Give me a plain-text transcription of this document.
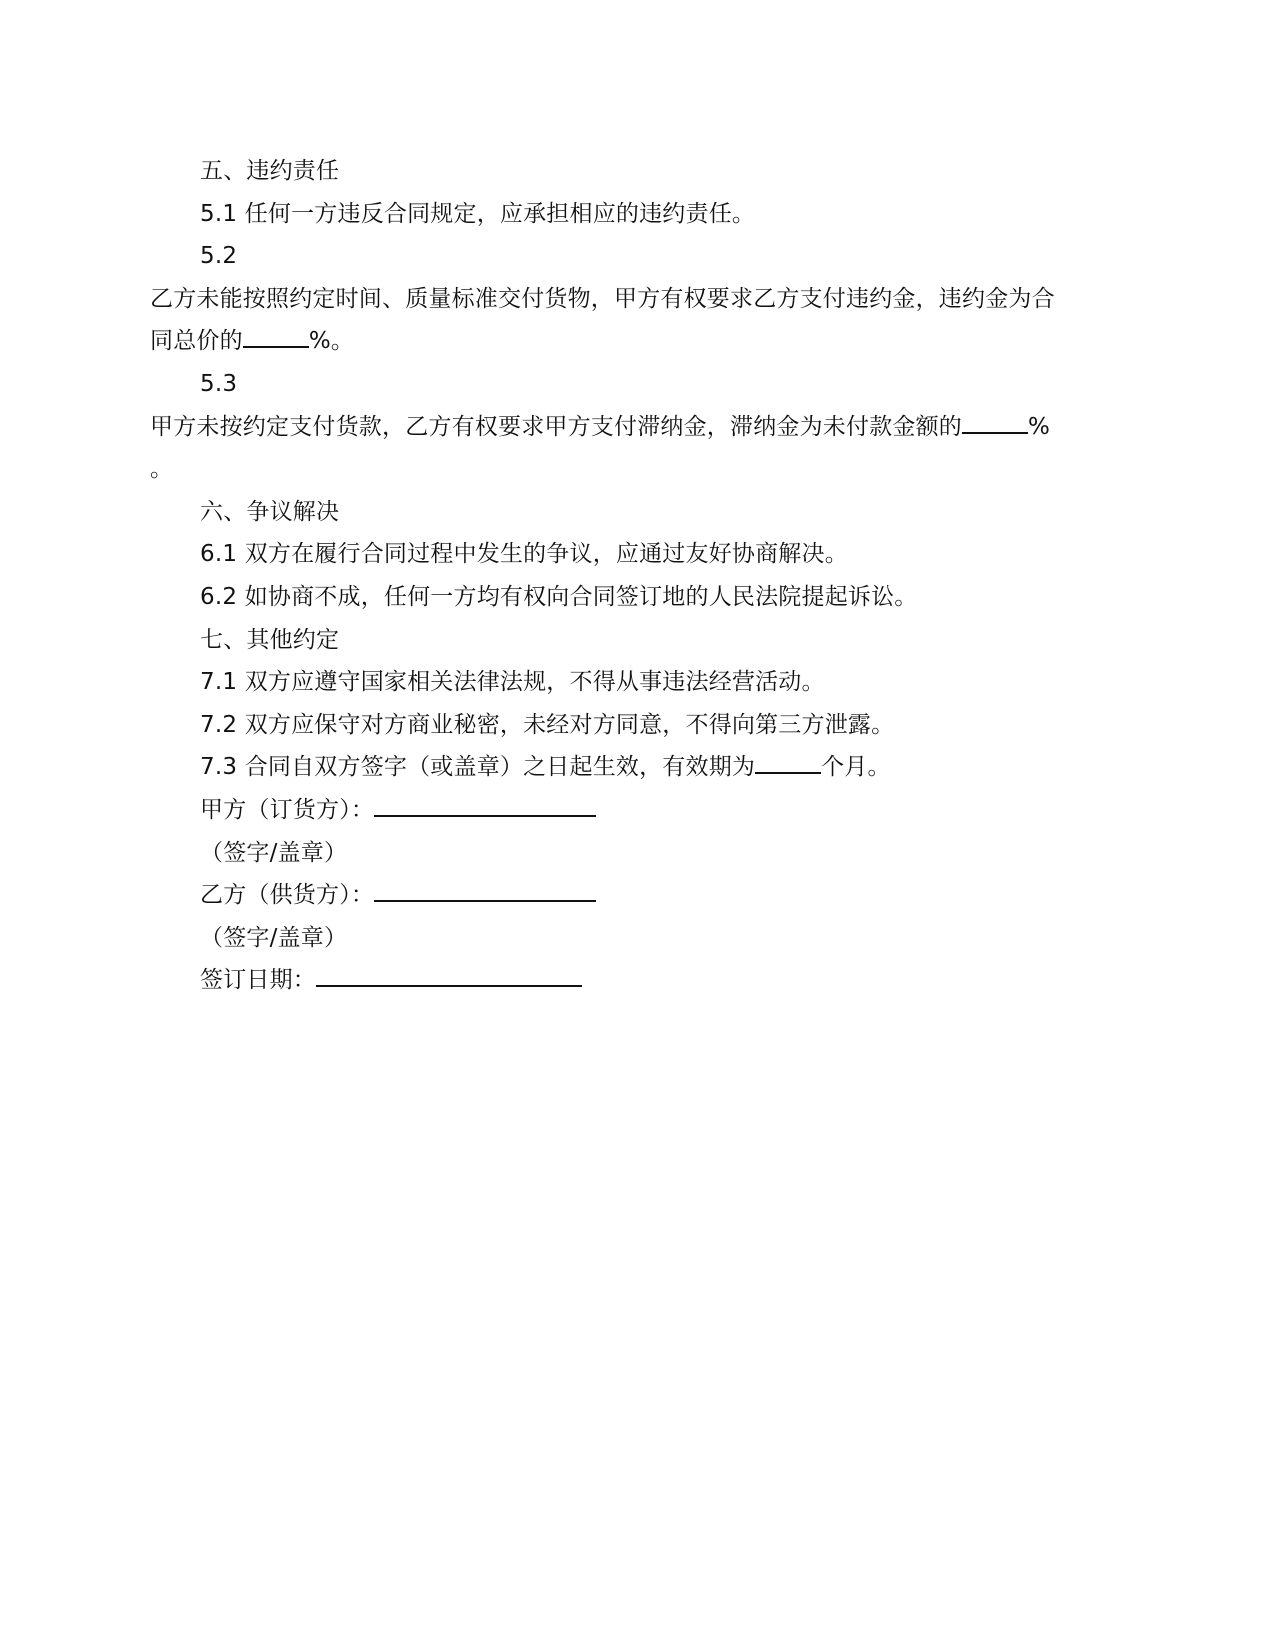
五、违约责任
5.1 任何一方违反合同规定，应承担相应的违约责任。
5.2
乙方未能按照约定时间、质量标准交付货物，甲方有权要求乙方支付违约金，违约金为合
同总价的	%。
5.3
甲方未按约定支付货款，乙方有权要求甲方支付滞纳金，滞纳金为未付款金额的	%
。
六、争议解决
6.1 双方在履行合同过程中发生的争议，应通过友好协商解决。
6.2 如协商不成，任何一方均有权向合同签订地的人民法院提起诉讼。
七、其他约定
7.1 双方应遵守国家相关法律法规，不得从事违法经营活动。
7.2 双方应保守对方商业秘密，未经对方同意，不得向第三方泄露。
7.3 合同自双方签字（或盖章）之日起生效，有效期为	个月。
甲方（订货方）：
（签字/盖章）
乙方（供货方）：
（签字/盖章）
签订日期：
